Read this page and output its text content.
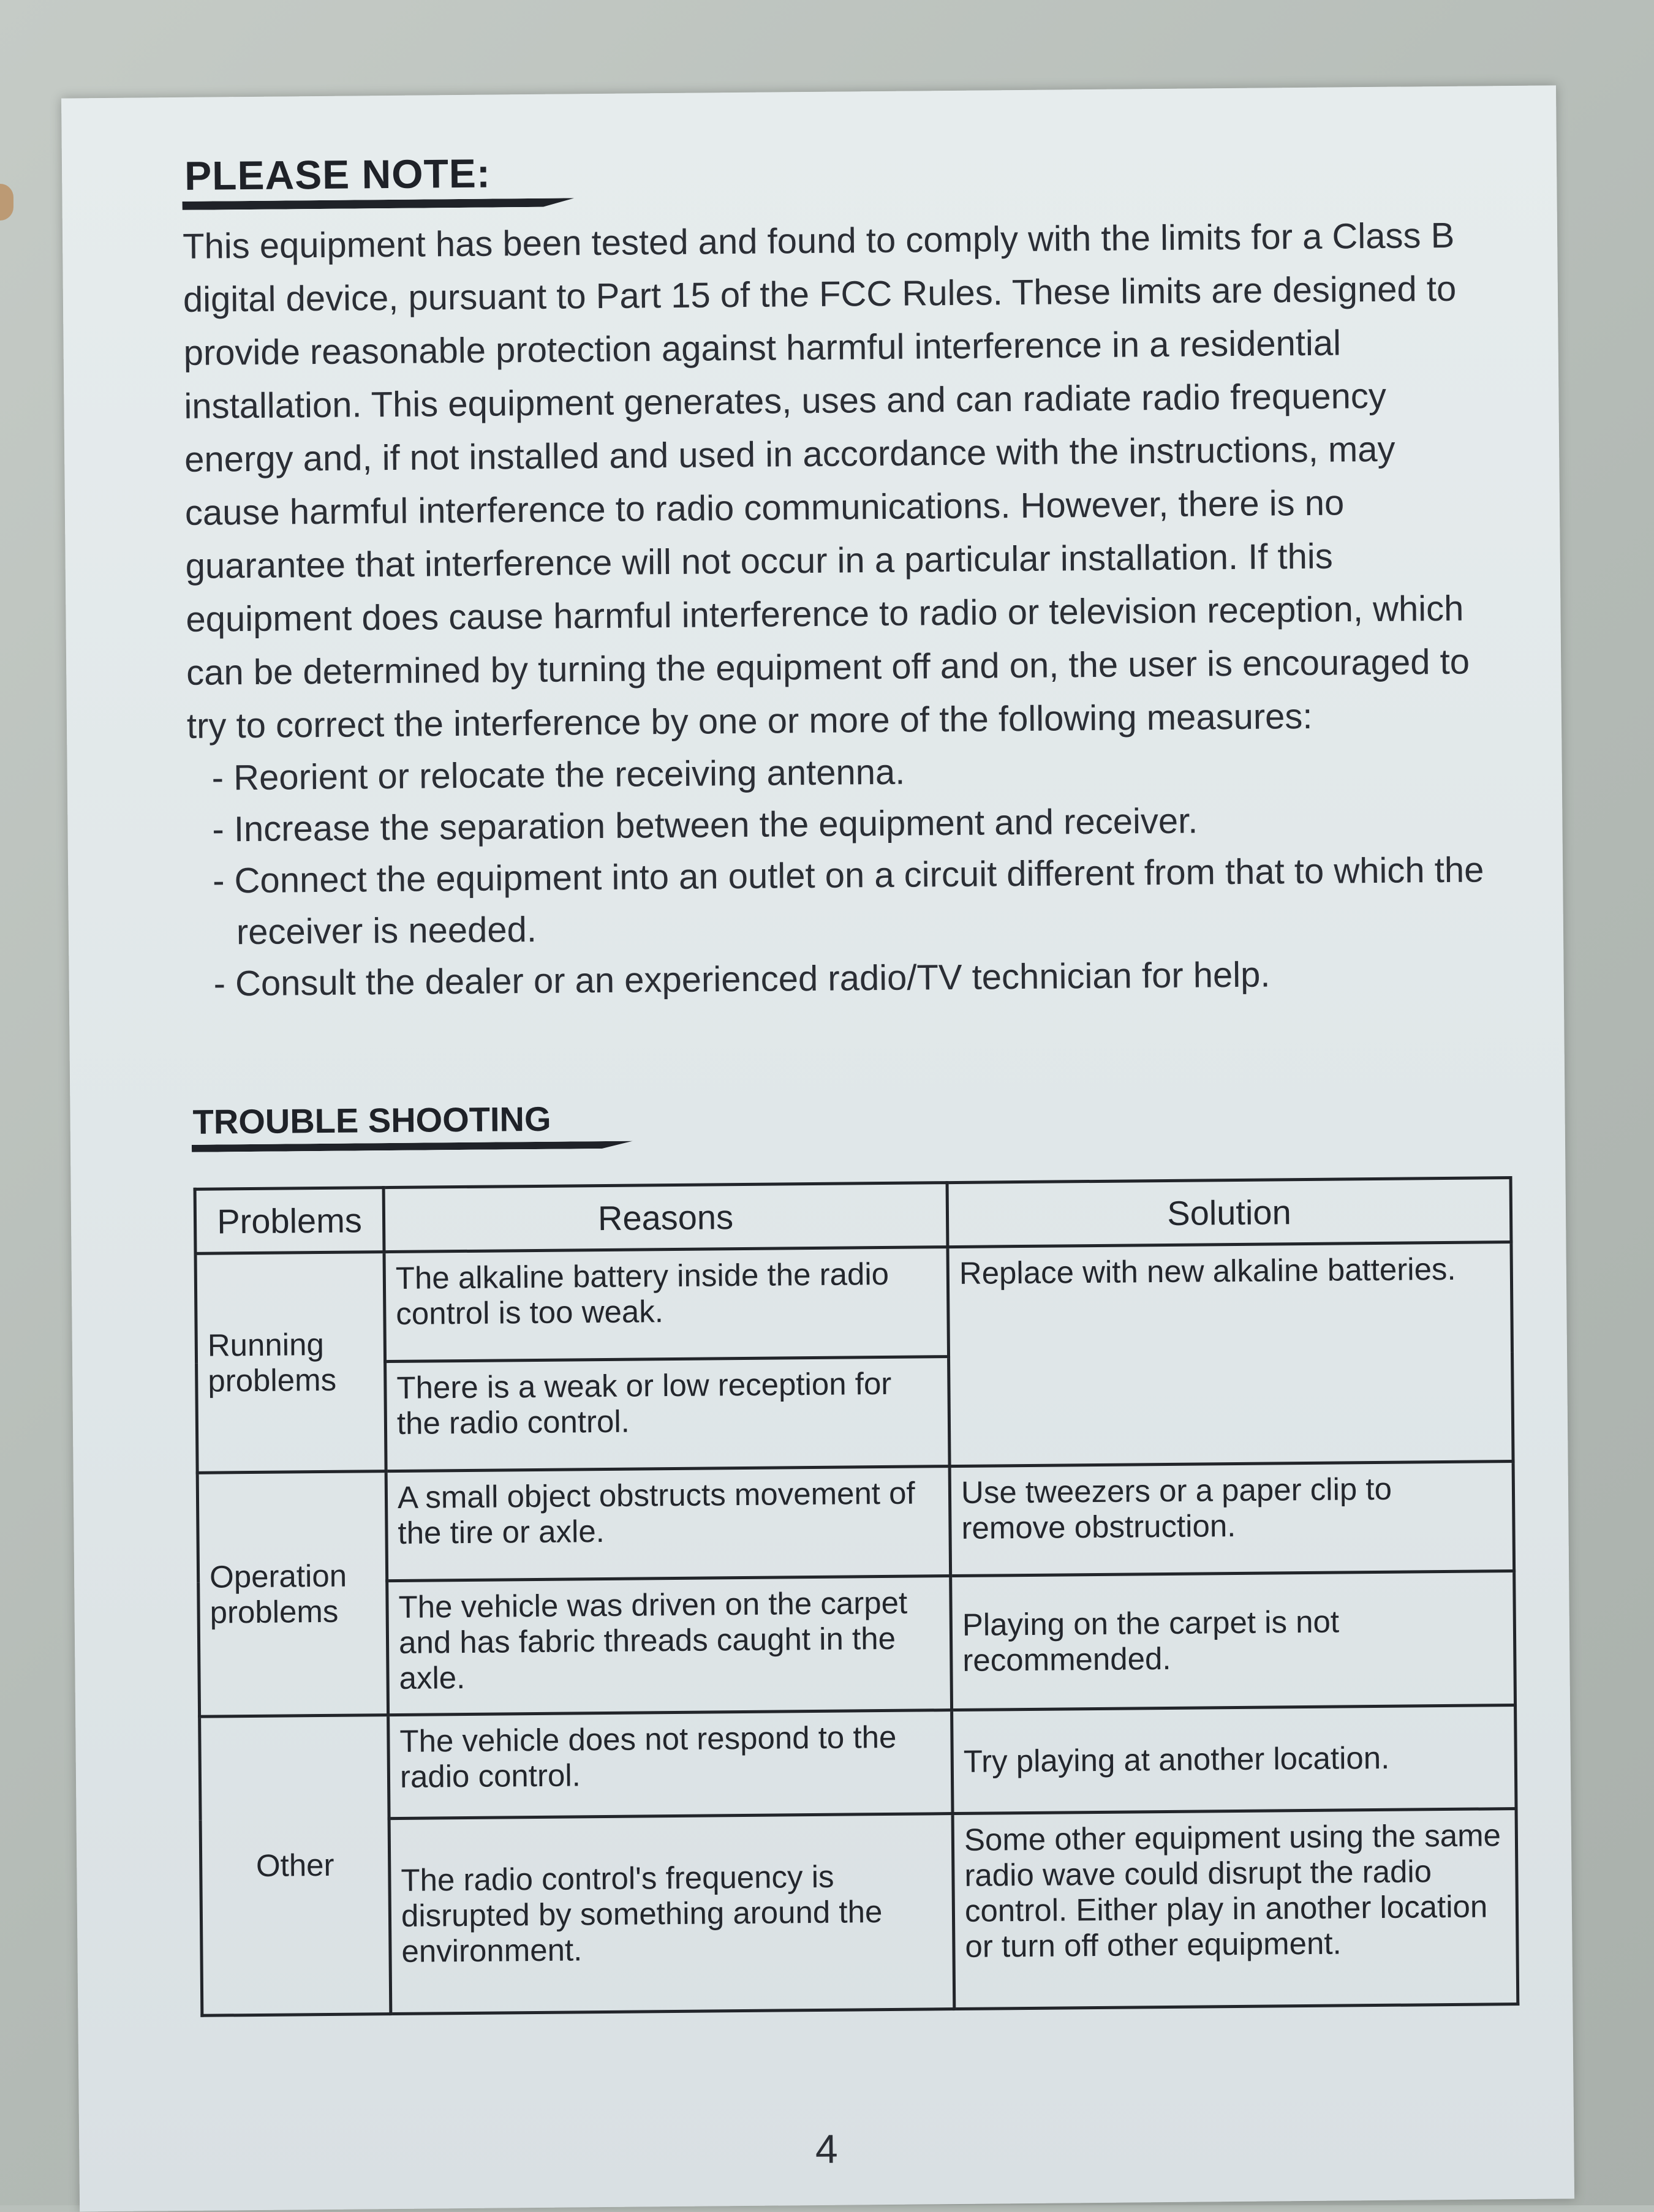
PLEASE NOTE:

This equipment has been tested and found to comply with the limits for a Class B
digital device, pursuant to Part 15 of the FCC Rules. These limits are designed to
provide reasonable protection against harmful interference in a residential
installation. This equipment generates, uses and can radiate radio frequency
energy and, if not installed and used in accordance with the instructions, may
cause harmful interference to radio communications. However, there is no
guarantee that interference will not occur in a particular installation. If this
equipment does cause harmful interference to radio or television reception, which
can be determined by turning the equipment off and on, the user is encouraged to
try to correct the interference by one or more of the following measures:

- Reorient or relocate the receiving antenna.
- Increase the separation between the equipment and receiver.
- Connect the equipment into an outlet on a circuit different from that to which the receiver is needed.
- Consult the dealer or an experienced radio/TV technician for help.
TROUBLE SHOOTING
Problems	Reasons	Solution
Running problems	The alkaline battery inside the radio control is too weak.	Replace with new alkaline batteries.
	There is a weak or low reception for the radio control.	
Operation problems	A small object obstructs movement of the tire or axle.	Use tweezers or a paper clip to remove obstruction.
	The vehicle was driven on the carpet and has fabric threads caught in the axle.	Playing on the carpet is not recommended.
Other	The vehicle does not respond to the radio control.	Try playing at another location.
	The radio control's frequency is disrupted by something around the environment.	Some other equipment using the same radio wave could disrupt the radio control. Either play in another location or turn off other equipment.
4
